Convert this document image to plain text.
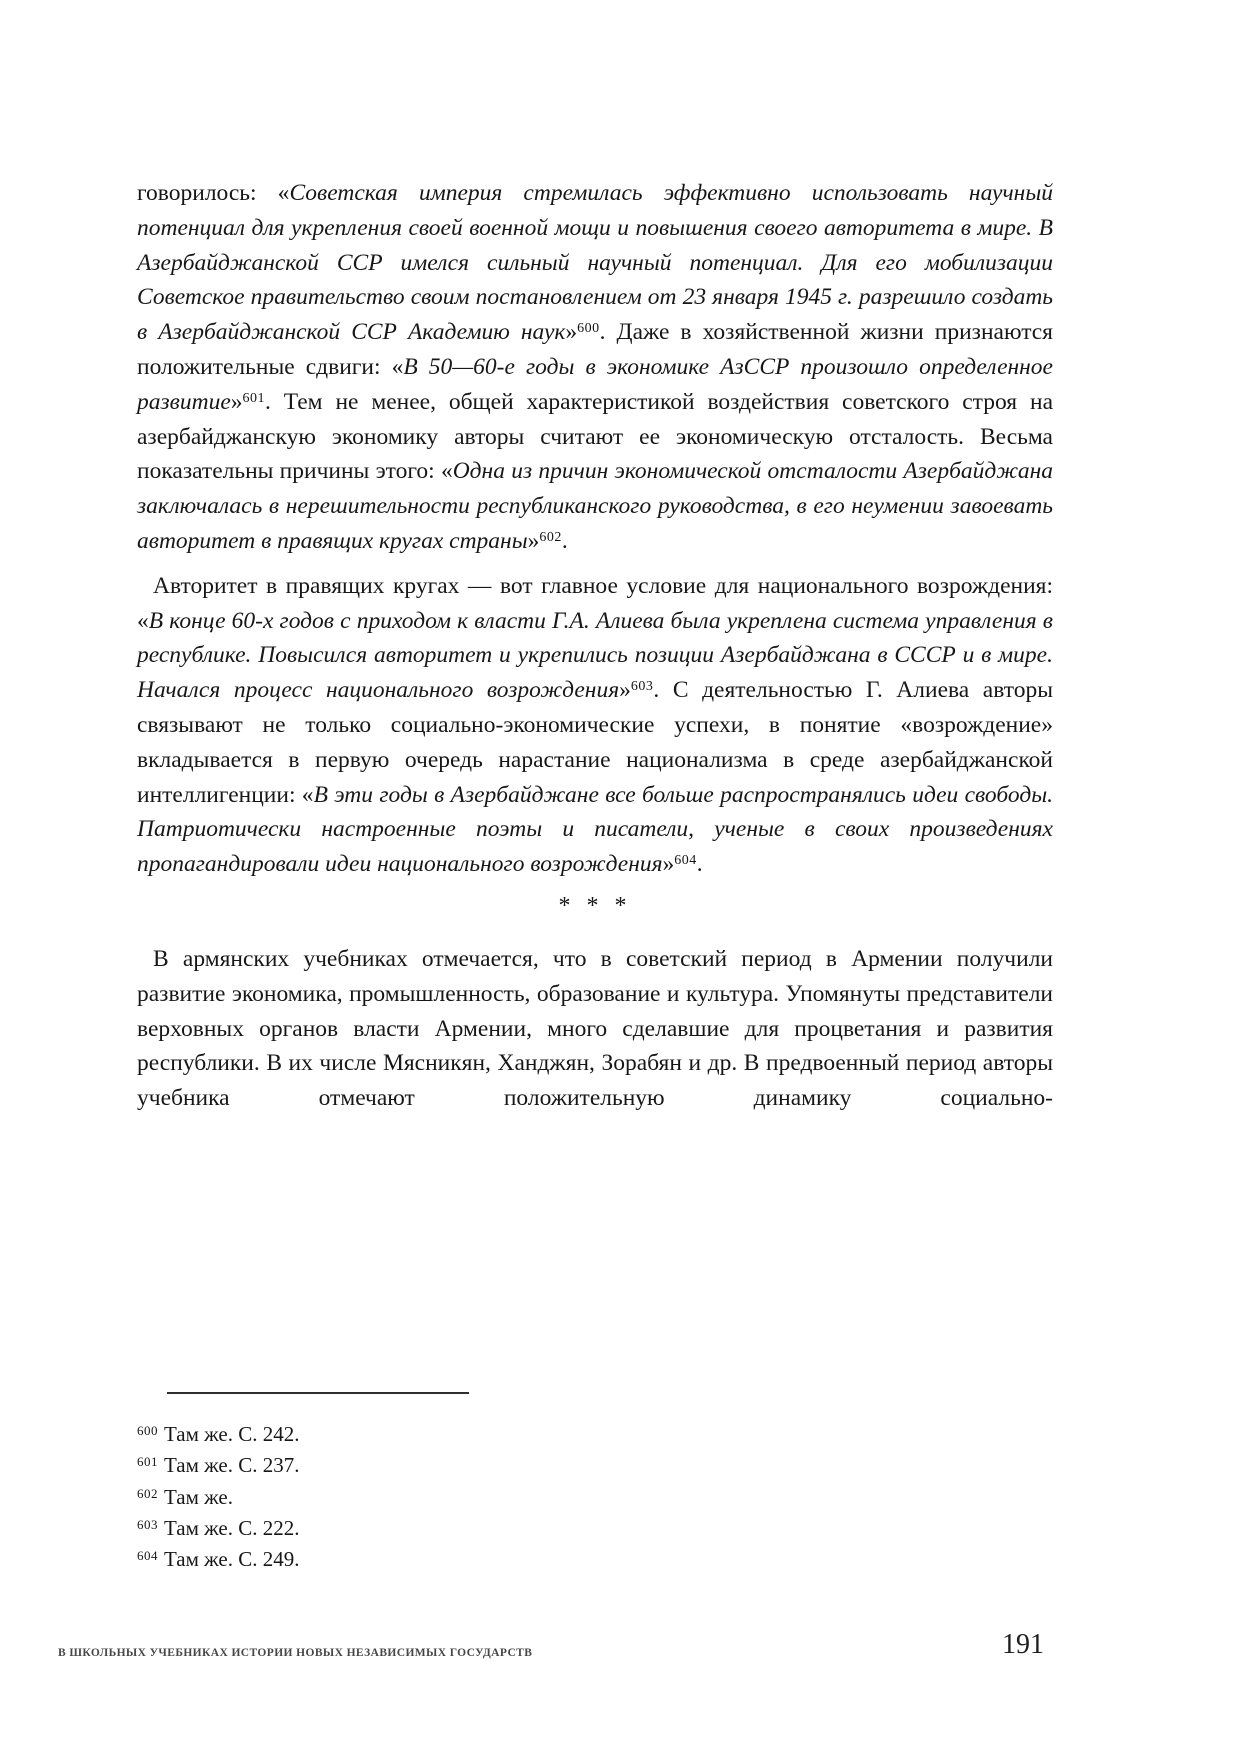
говорилось: «Советская империя стремилась эффективно использовать научный потенциал для укрепления своей военной мощи и повышения своего авторитета в мире. В Азербайджанской ССР имелся сильный научный потенциал. Для его мобилизации Советское правительство своим постановлением от 23 января 1945 г. разрешило создать в Азербайджанской ССР Академию наук»$^{600}$. Даже в хозяйственной жизни признаются положительные сдвиги: «В 50—60-е годы в экономике АзССР произошло определенное развитие»$^{601}$. Тем не менее, общей характеристикой воздействия советского строя на азербайджанскую экономику авторы считают ее экономическую отсталость. Весьма показательны причины этого: «Одна из причин экономической отсталости Азербайджана заключалась в нерешительности республиканского руководства, в его неумении завоевать авторитет в правящих кругах страны»$^{602}$.

Авторитет в правящих кругах — вот главное условие для национального возрождения: «В конце 60-х годов с приходом к власти Г.А. Алиева была укреплена система управления в республике. Повысился авторитет и укрепились позиции Азербайджана в СССР и в мире. Начался процесс национального возрождения»$^{603}$. С деятельностью Г. Алиева авторы связывают не только социально-экономические успехи, в понятие «возрождение» вкладывается в первую очередь нарастание национализма в среде азербайджанской интеллигенции: «В эти годы в Азербайджане все больше распространялись идеи свободы. Патриотически настроенные поэты и писатели, ученые в своих произведениях пропагандировали идеи национального возрождения»$^{604}$.

* * *

В армянских учебниках отмечается, что в советский период в Армении получили развитие экономика, промышленность, образование и культура. Упомянуты представители верховных органов власти Армении, много сделавшие для процветания и развития республики. В их числе Мясникян, Ханджян, Зорабян и др. В предвоенный период авторы учебника отмечают положительную динамику социально-

$^{600}$ Там же. С. 242.
$^{601}$ Там же. С. 237.
$^{602}$ Там же.
$^{603}$ Там же. С. 222.
$^{604}$ Там же. С. 249.
В ШКОЛЬНЫХ УЧЕБНИКАХ ИСТОРИИ НОВЫХ НЕЗАВИСИМЫХ ГОСУДАРСТВ	191
